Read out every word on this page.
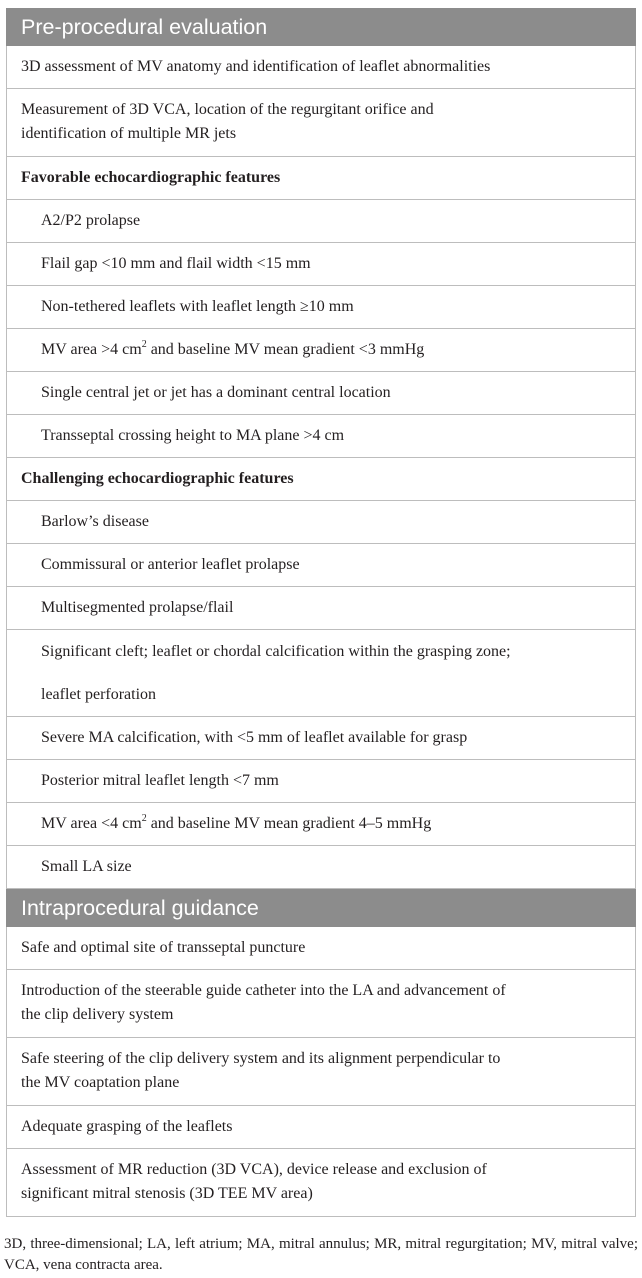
Pre-procedural evaluation
3D assessment of MV anatomy and identification of leaflet abnormalities
Measurement of 3D VCA, location of the regurgitant orifice and
identification of multiple MR jets
Favorable echocardiographic features
A2/P2 prolapse
Flail gap <10 mm and flail width <15 mm
Non-tethered leaflets with leaflet length ≥10 mm
MV area >4 $cm^2$ and baseline MV mean gradient <3 mmHg
Single central jet or jet has a dominant central location
Transseptal crossing height to MA plane >4 cm
Challenging echocardiographic features
Barlow’s disease
Commissural or anterior leaflet prolapse
Multisegmented prolapse/flail
Significant cleft; leaflet or chordal calcification within the grasping zone;
leaflet perforation
Severe MA calcification, with <5 mm of leaflet available for grasp
Posterior mitral leaflet length <7 mm
MV area <4 $cm^2$ and baseline MV mean gradient 4–5 mmHg
Small LA size
Intraprocedural guidance
Safe and optimal site of transseptal puncture
Introduction of the steerable guide catheter into the LA and advancement of
the clip delivery system
Safe steering of the clip delivery system and its alignment perpendicular to
the MV coaptation plane
Adequate grasping of the leaflets
Assessment of MR reduction (3D VCA), device release and exclusion of
significant mitral stenosis (3D TEE MV area)
3D, three-dimensional; LA, left atrium; MA, mitral annulus; MR, mitral regurgitation; MV, mitral valve; VCA, vena contracta area.
